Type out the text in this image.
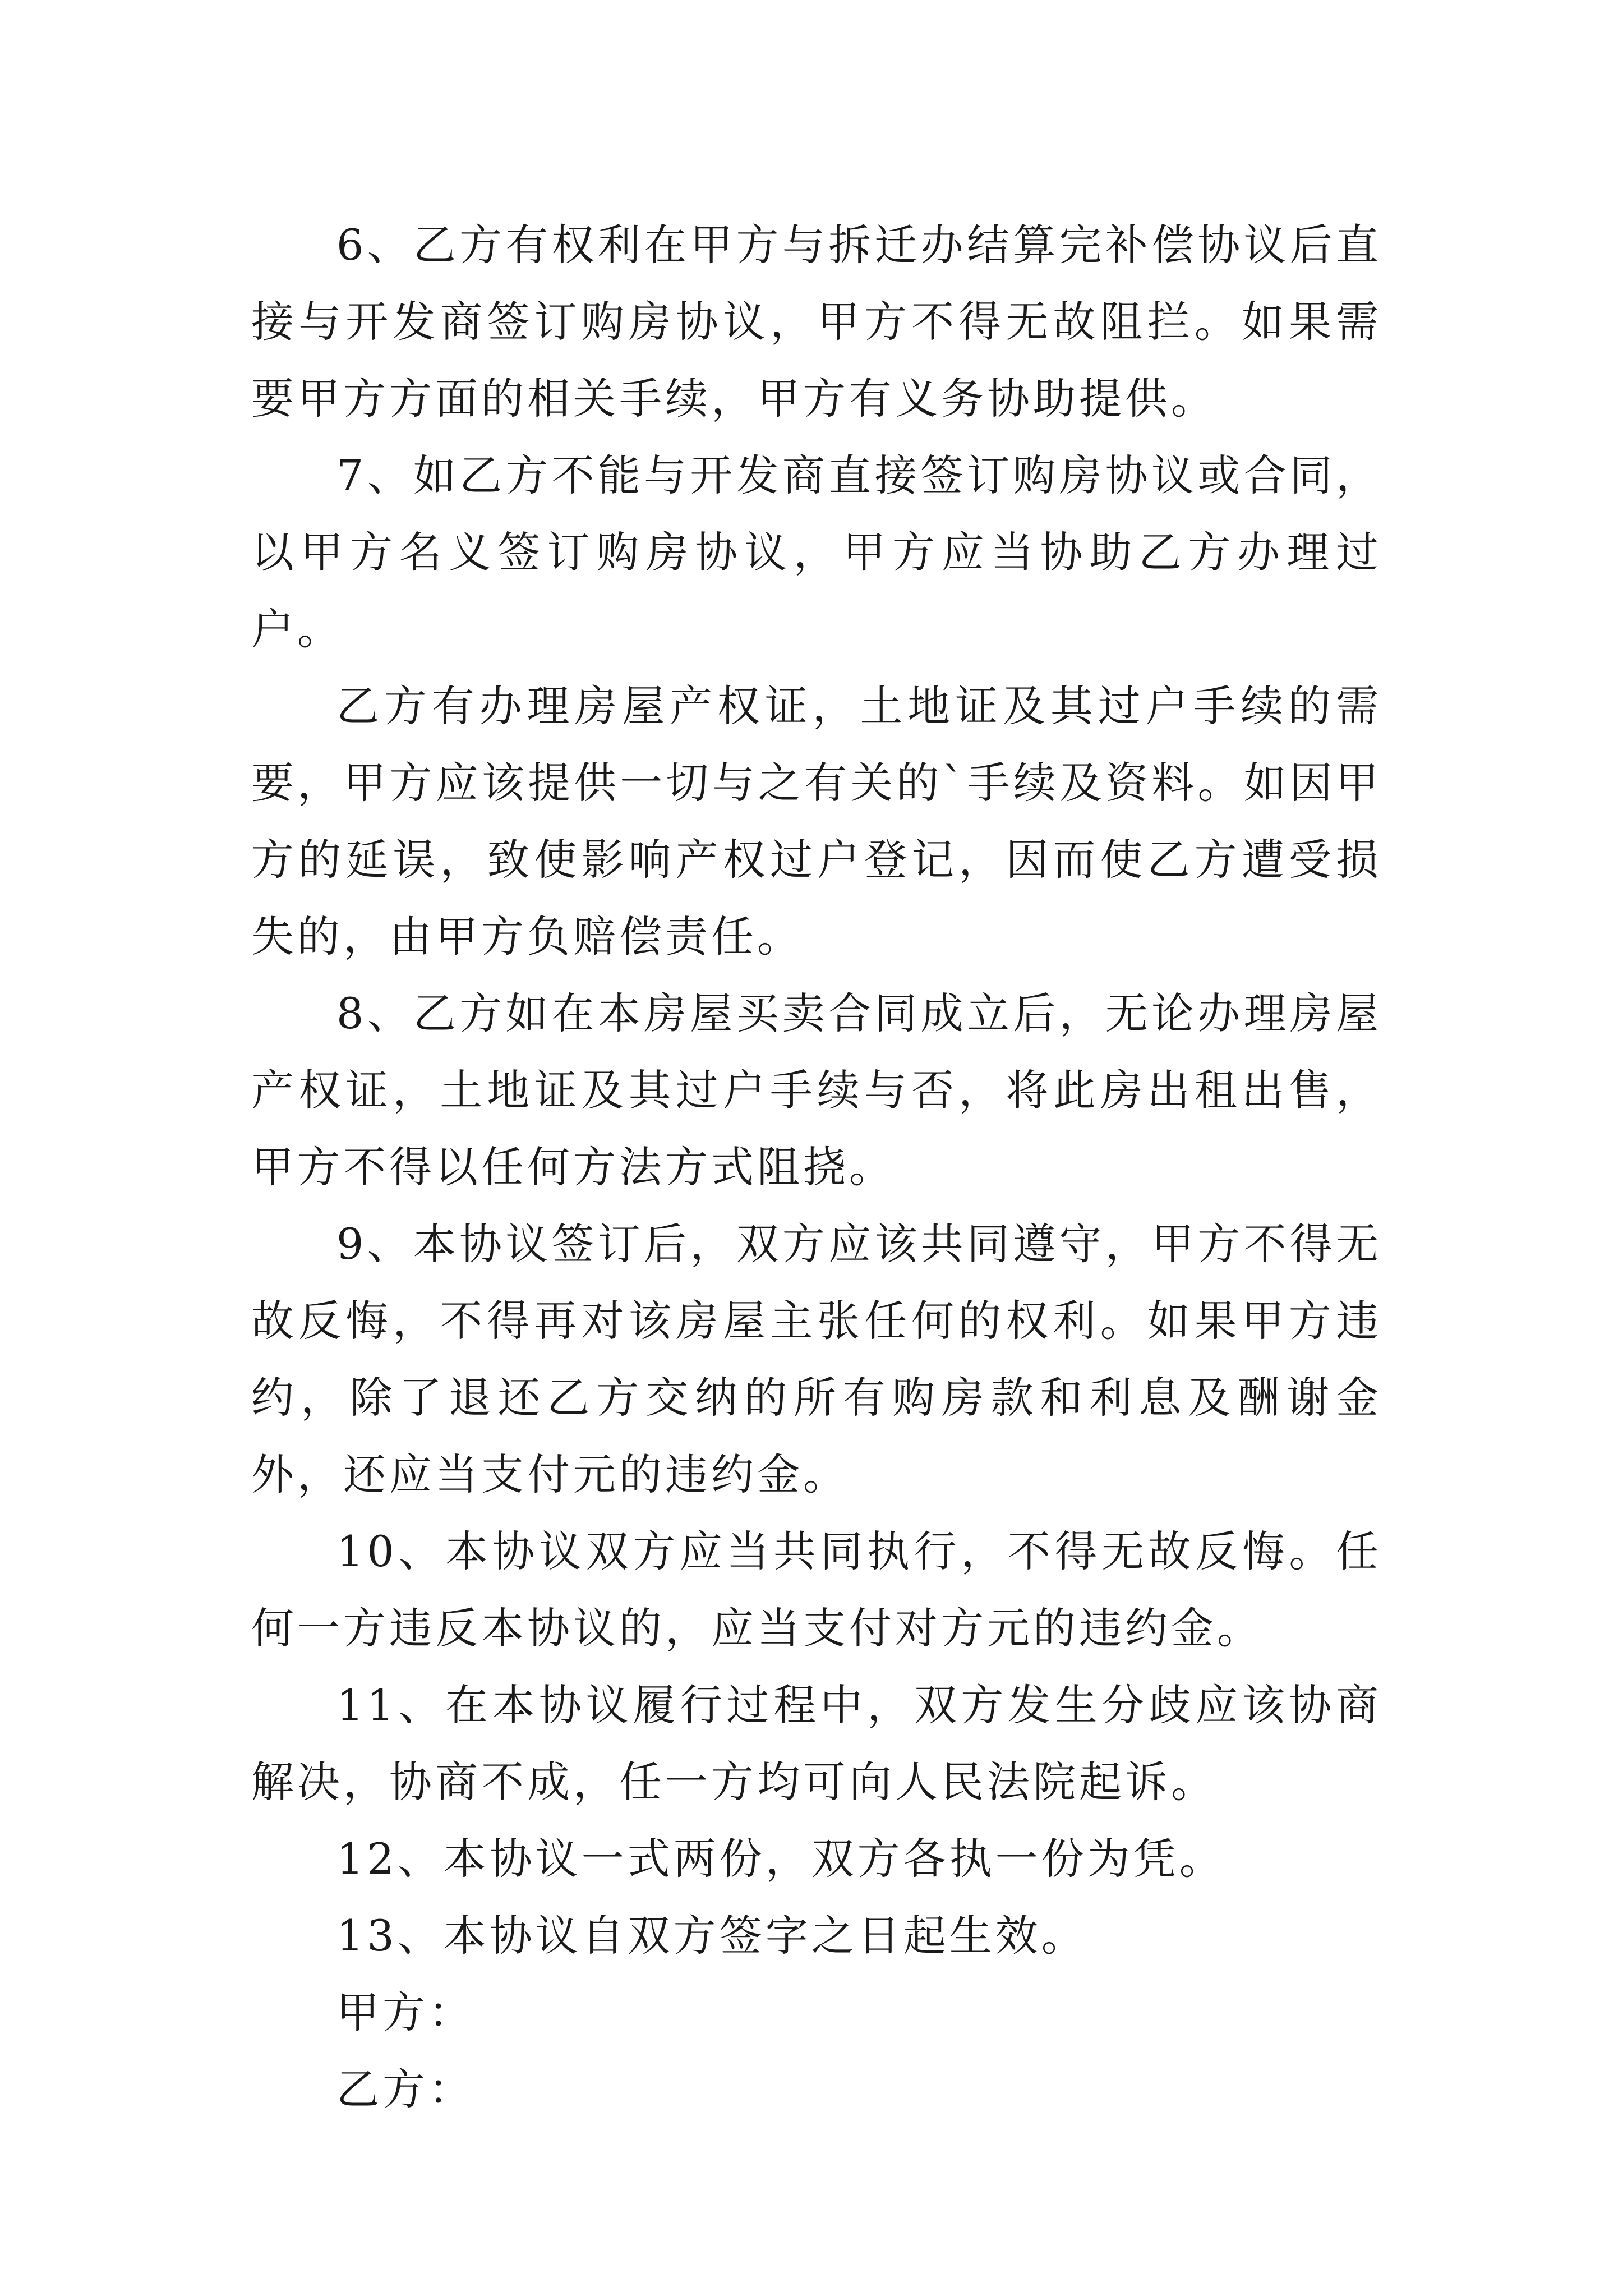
6、乙方有权利在甲方与拆迁办结算完补偿协议后直接与开发商签订购房协议，甲方不得无故阻拦。如果需要甲方方面的相关手续，甲方有义务协助提供。

7、如乙方不能与开发商直接签订购房协议或合同，以甲方名义签订购房协议，甲方应当协助乙方办理过户。

乙方有办理房屋产权证，土地证及其过户手续的需要，甲方应该提供一切与之有关的`手续及资料。如因甲方的延误，致使影响产权过户登记，因而使乙方遭受损失的，由甲方负赔偿责任。

8、乙方如在本房屋买卖合同成立后，无论办理房屋产权证，土地证及其过户手续与否，将此房出租出售，甲方不得以任何方法方式阻挠。

9、本协议签订后，双方应该共同遵守，甲方不得无故反悔，不得再对该房屋主张任何的权利。如果甲方违约，除了退还乙方交纳的所有购房款和利息及酬谢金外，还应当支付元的违约金。

10、本协议双方应当共同执行，不得无故反悔。任何一方违反本协议的，应当支付对方元的违约金。

11、在本协议履行过程中，双方发生分歧应该协商解决，协商不成，任一方均可向人民法院起诉。

12、本协议一式两份，双方各执一份为凭。

13、本协议自双方签字之日起生效。

甲方：

乙方：
